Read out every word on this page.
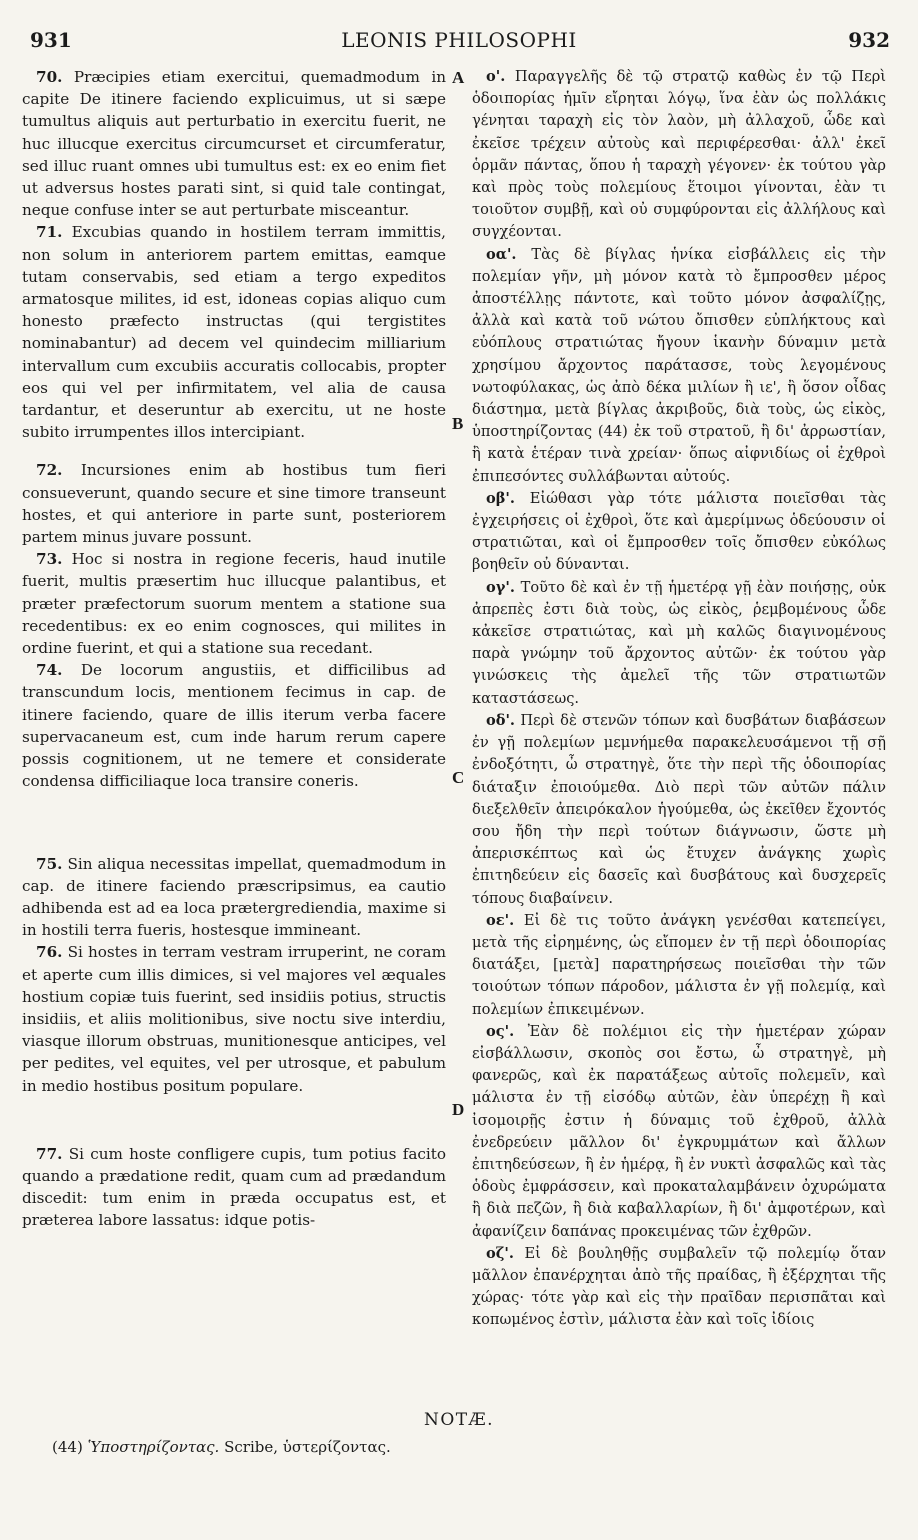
931	LEONIS PHILOSOPHI	932
A
B
C
D

70. Præcipies etiam exercitui, quemadmodum in capite De itinere faciendo explicuimus, ut si sæpe tumultus aliquis aut perturbatio in exercitu fuerit, ne huc illucque exercitus circumcurset et circumferatur, sed illuc ruant omnes ubi tumultus est: ex eo enim fiet ut adversus hostes parati sint, si quid tale contingat, neque confuse inter se aut perturbate misceantur.

71. Excubias quando in hostilem terram immittis, non solum in anteriorem partem emittas, eamque tutam conservabis, sed etiam a tergo expeditos armatosque milites, id est, idoneas copias aliquo cum honesto præfecto instructas (qui tergistites nominabantur) ad decem vel quindecim milliarium intervallum cum excubiis accuratis collocabis, propter eos qui vel per infirmitatem, vel alia de causa tardantur, et deseruntur ab exercitu, ut ne hoste subito irrumpentes illos intercipiant.

72. Incursiones enim ab hostibus tum fieri consueverunt, quando secure et sine timore transeunt hostes, et qui anteriore in parte sunt, posteriorem partem minus juvare possunt.

73. Hoc si nostra in regione feceris, haud inutile fuerit, multis præsertim huc illucque palantibus, et præter præfectorum suorum mentem a statione sua recedentibus: ex eo enim cognosces, qui milites in ordine fuerint, et qui a statione sua recedant.

74. De locorum angustiis, et difficilibus ad transcundum locis, mentionem fecimus in cap. de itinere faciendo, quare de illis iterum verba facere supervacaneum est, cum inde harum rerum capere possis cognitionem, ut ne temere et considerate condensa difficiliaque loca transire coneris.

75. Sin aliqua necessitas impellat, quemadmodum in cap. de itinere faciendo præscripsimus, ea cautio adhibenda est ad ea loca prætergrediendia, maxime si in hostili terra fueris, hostesque immineant.

76. Si hostes in terram vestram irruperint, ne coram et aperte cum illis dimices, si vel majores vel æquales hostium copiæ tuis fuerint, sed insidiis potius, structis insidiis, et aliis molitionibus, sive noctu sive interdiu, viasque illorum obstruas, munitionesque anticipes, vel per pedites, vel equites, vel per utrosque, et pabulum in medio hostibus positum populare.

77. Si cum hoste confligere cupis, tum potius facito quando a prædatione redit, quam cum ad prædandum discedit: tum enim in præda occupatus est, et præterea labore lassatus: idque potis-

ο'. Παραγγελῆς δὲ τῷ στρατῷ καθὼς ἐν τῷ Περὶ ὁδοιπορίας ἡμῖν εἴρηται λόγῳ, ἵνα ἐὰν ὡς πολλάκις γένηται ταραχὴ εἰς τὸν λαὸν, μὴ ἀλλαχοῦ, ὧδε καὶ ἐκεῖσε τρέχειν αὐτοὺς καὶ περιφέρεσθαι· ἀλλ' ἐκεῖ ὁρμᾶν πάντας, ὅπου ἡ ταραχὴ γέγονεν· ἐκ τούτου γὰρ καὶ πρὸς τοὺς πολεμίους ἕτοιμοι γίνονται, ἐὰν τι τοιοῦτον συμβῇ, καὶ οὐ συμφύρονται εἰς ἀλλήλους καὶ συγχέονται.

οα'. Τὰς δὲ βίγλας ἡνίκα εἰσβάλλεις εἰς τὴν πολεμίαν γῆν, μὴ μόνον κατὰ τὸ ἔμπροσθεν μέρος ἀποστέλλῃς πάντοτε, καὶ τοῦτο μόνον ἀσφαλίζῃς, ἀλλὰ καὶ κατὰ τοῦ νώτου ὄπισθεν εὐπλήκτους καὶ εὐόπλους στρατιώτας ἤγουν ἱκανὴν δύναμιν μετὰ χρησίμου ἄρχοντος παράτασσε, τοὺς λεγομένους νωτοφύλακας, ὡς ἀπὸ δέκα μιλίων ἢ ιε', ἢ ὅσον οἶδας διάστημα, μετὰ βίγλας ἀκριβοῦς, διὰ τοὺς, ὡς εἰκὸς, ὑποστηρίζοντας (44) ἐκ τοῦ στρατοῦ, ἢ δι' ἀρρωστίαν, ἢ κατὰ ἑτέραν τινὰ χρείαν· ὅπως αἰφνιδίως οἱ ἐχθροὶ ἐπιπεσόντες συλλάβωνται αὐτούς.

οβ'. Εἰώθασι γὰρ τότε μάλιστα ποιεῖσθαι τὰς ἐγχειρήσεις οἱ ἐχθροὶ, ὅτε καὶ ἀμερίμνως ὁδεύουσιν οἱ στρατιῶται, καὶ οἱ ἔμπροσθεν τοῖς ὄπισθεν εὐκόλως βοηθεῖν οὐ δύνανται.

ογ'. Τοῦτο δὲ καὶ ἐν τῇ ἡμετέρᾳ γῇ ἐὰν ποιήσῃς, οὐκ ἀπρεπὲς ἐστι διὰ τοὺς, ὡς εἰκὸς, ῥεμβομένους ὧδε κἀκεῖσε στρατιώτας, καὶ μὴ καλῶς διαγινομένους παρὰ γνώμην τοῦ ἄρχοντος αὐτῶν· ἐκ τούτου γὰρ γινώσκεις τὴς ἀμελεῖ τῆς τῶν στρατιωτῶν καταστάσεως.

οδ'. Περὶ δὲ στενῶν τόπων καὶ δυσβάτων διαβάσεων ἐν γῇ πολεμίων μεμνήμεθα παρακελευσάμενοι τῇ σῇ ἐνδοξότητι, ὦ στρατηγὲ, ὅτε τὴν περὶ τῆς ὁδοιπορίας διάταξιν ἐποιούμεθα. Διὸ περὶ τῶν αὐτῶν πάλιν διεξελθεῖν ἀπειρόκαλον ἡγούμεθα, ὡς ἐκεῖθεν ἔχοντός σου ἤδη τὴν περὶ τούτων διάγνωσιν, ὥστε μὴ ἀπερισκέπτως καὶ ὡς ἔτυχεν ἀνάγκης χωρὶς ἐπιτηδεύειν εἰς δασεῖς καὶ δυσβάτους καὶ δυσχερεῖς τόπους διαβαίνειν.

οε'. Εἰ δὲ τις τοῦτο ἀνάγκη γενέσθαι κατεπείγει, μετὰ τῆς εἰρημένης, ὡς εἴπομεν ἐν τῇ περὶ ὁδοιπορίας διατάξει, [μετὰ] παρατηρήσεως ποιεῖσθαι τὴν τῶν τοιούτων τόπων πάροδον, μάλιστα ἐν γῇ πολεμίᾳ, καὶ πολεμίων ἐπικειμένων.

ος'. Ἐὰν δὲ πολέμιοι εἰς τὴν ἡμετέραν χώραν εἰσβάλλωσιν, σκοπὸς σοι ἔστω, ὦ στρατηγὲ, μὴ φανερῶς, καὶ ἐκ παρατάξεως αὐτοῖς πολεμεῖν, καὶ μάλιστα ἐν τῇ εἰσόδῳ αὐτῶν, ἐὰν ὑπερέχῃ ἢ καὶ ἰσομοιρῇς ἐστιν ἡ δύναμις τοῦ ἐχθροῦ, ἀλλὰ ἐνεδρεύειν μᾶλλον δι' ἐγκρυμμάτων καὶ ἄλλων ἐπιτηδεύσεων, ἢ ἐν ἡμέρᾳ, ἢ ἐν νυκτὶ ἀσφαλῶς καὶ τὰς ὁδοὺς ἐμφράσσειν, καὶ προκαταλαμβάνειν ὀχυρώματα ἢ διὰ πεζῶν, ἢ διὰ καβαλλαρίων, ἢ δι' ἀμφοτέρων, καὶ ἀφανίζειν δαπάνας προκειμένας τῶν ἐχθρῶν.

οζ'. Εἰ δὲ βουληθῇς συμβαλεῖν τῷ πολεμίῳ ὅταν μᾶλλον ἐπανέρχηται ἀπὸ τῆς πραίδας, ἢ ἐξέρχηται τῆς χώρας· τότε γὰρ καὶ εἰς τὴν πραῖδαν περισπᾶται καὶ κοπωμένος ἐστὶν, μάλιστα ἐὰν καὶ τοῖς ἰδίοις

NOTÆ.
(44) Ὑποστηρίζοντας. Scribe, ὑστερίζοντας.
